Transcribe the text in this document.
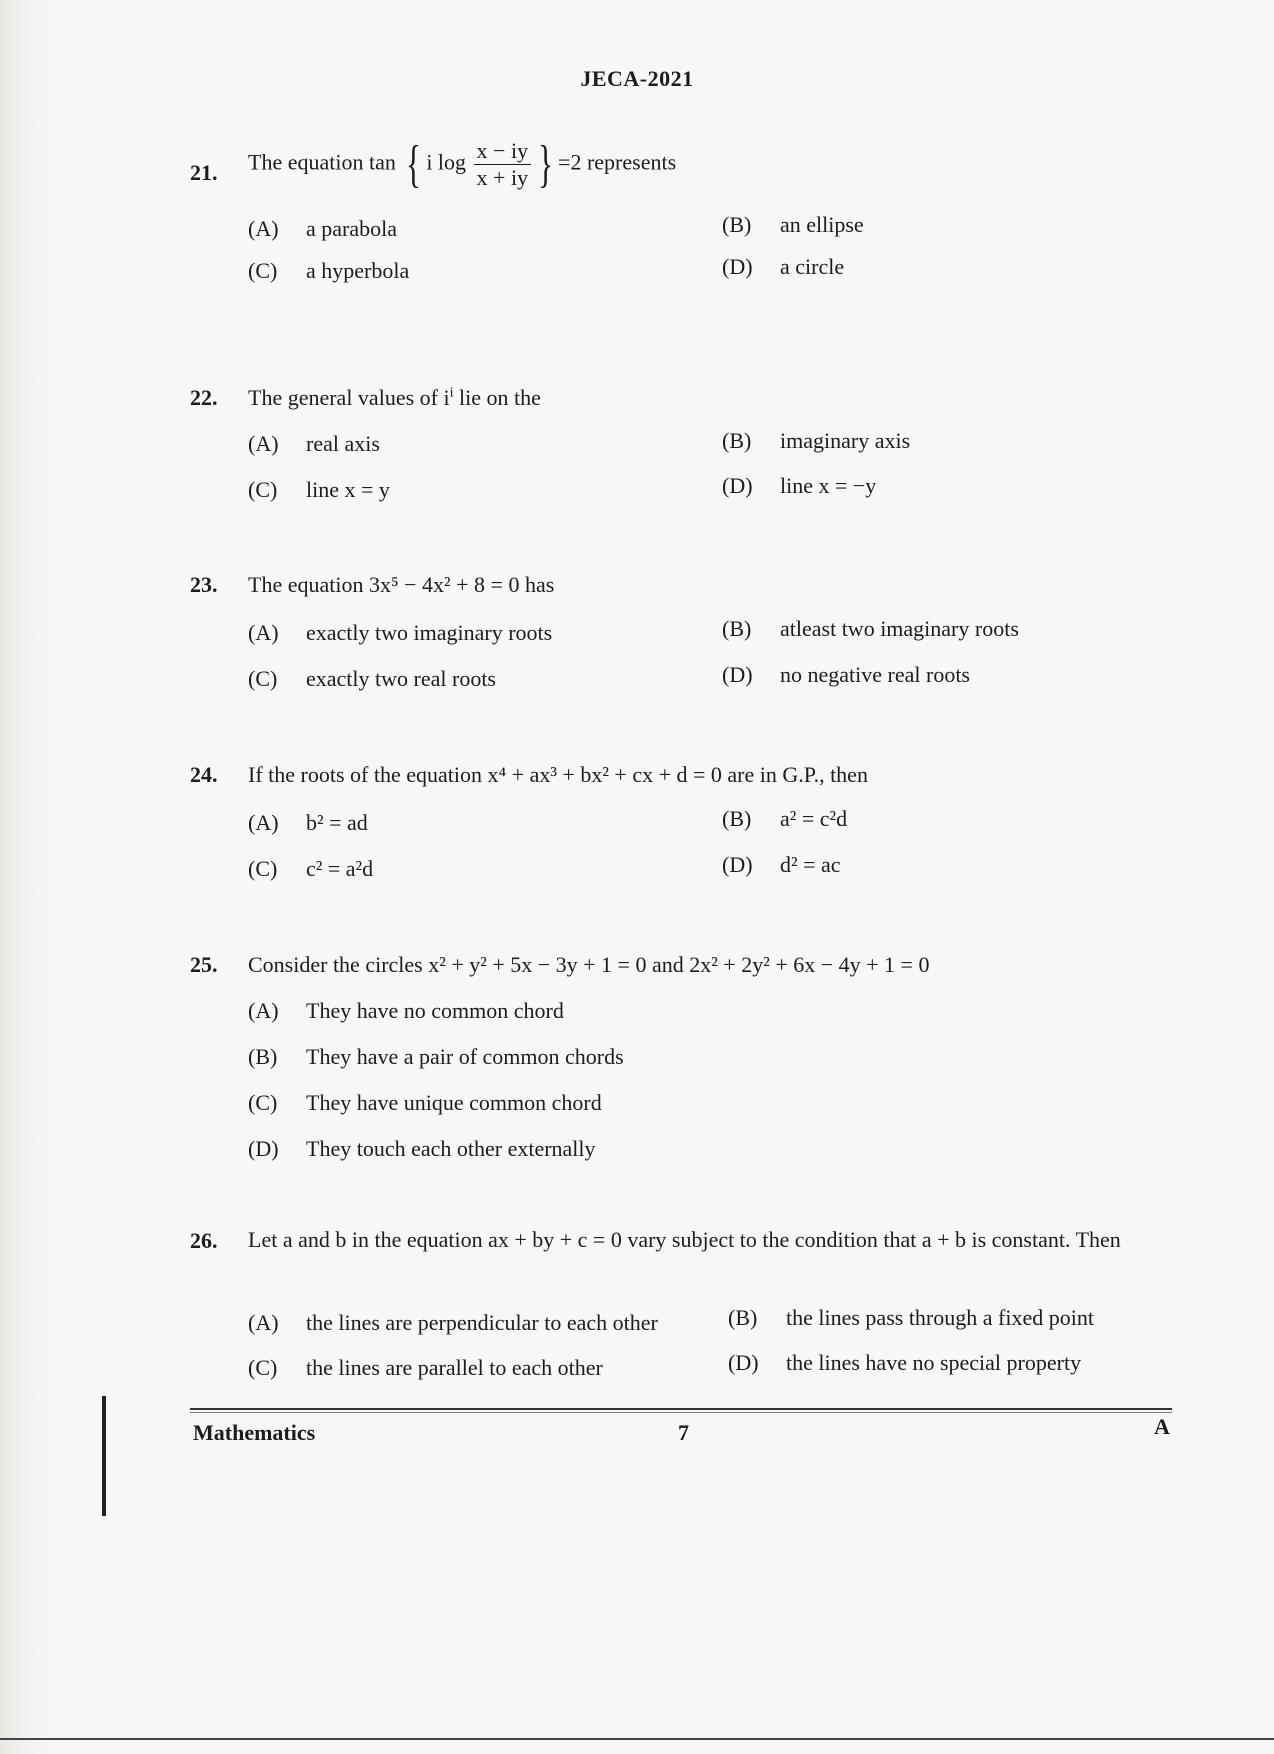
JECA-2021
21.	The equation tan { i $\log \frac{x - iy}{x + iy}$ } =2 represents
(A) a parabola	(B) an ellipse
(C) a hyperbola	(D) a circle
22.	The general values of $i^i$ lie on the
(A) real axis	(B) imaginary axis
(C) line x = y	(D) line x = −y
23.	The equation 3x⁵ − 4x² + 8 = 0 has
(A) exactly two imaginary roots	(B) atleast two imaginary roots
(C) exactly two real roots	(D) no negative real roots
24.	If the roots of the equation x⁴ + ax³ + bx² + cx + d = 0 are in G.P., then
(A) b² = ad	(B) a² = c²d
(C) c² = a²d	(D) d² = ac
25.	Consider the circles x² + y² + 5x − 3y + 1 = 0 and 2x² + 2y² + 6x − 4y + 1 = 0
(A) They have no common chord
(B) They have a pair of common chords
(C) They have unique common chord
(D) They touch each other externally
26.	Let a and b in the equation ax + by + c = 0 vary subject to the condition that a + b is constant. Then
(A) the lines are perpendicular to each other	(B) the lines pass through a fixed point
(C) the lines are parallel to each other	(D) the lines have no special property
Mathematics	7	A
